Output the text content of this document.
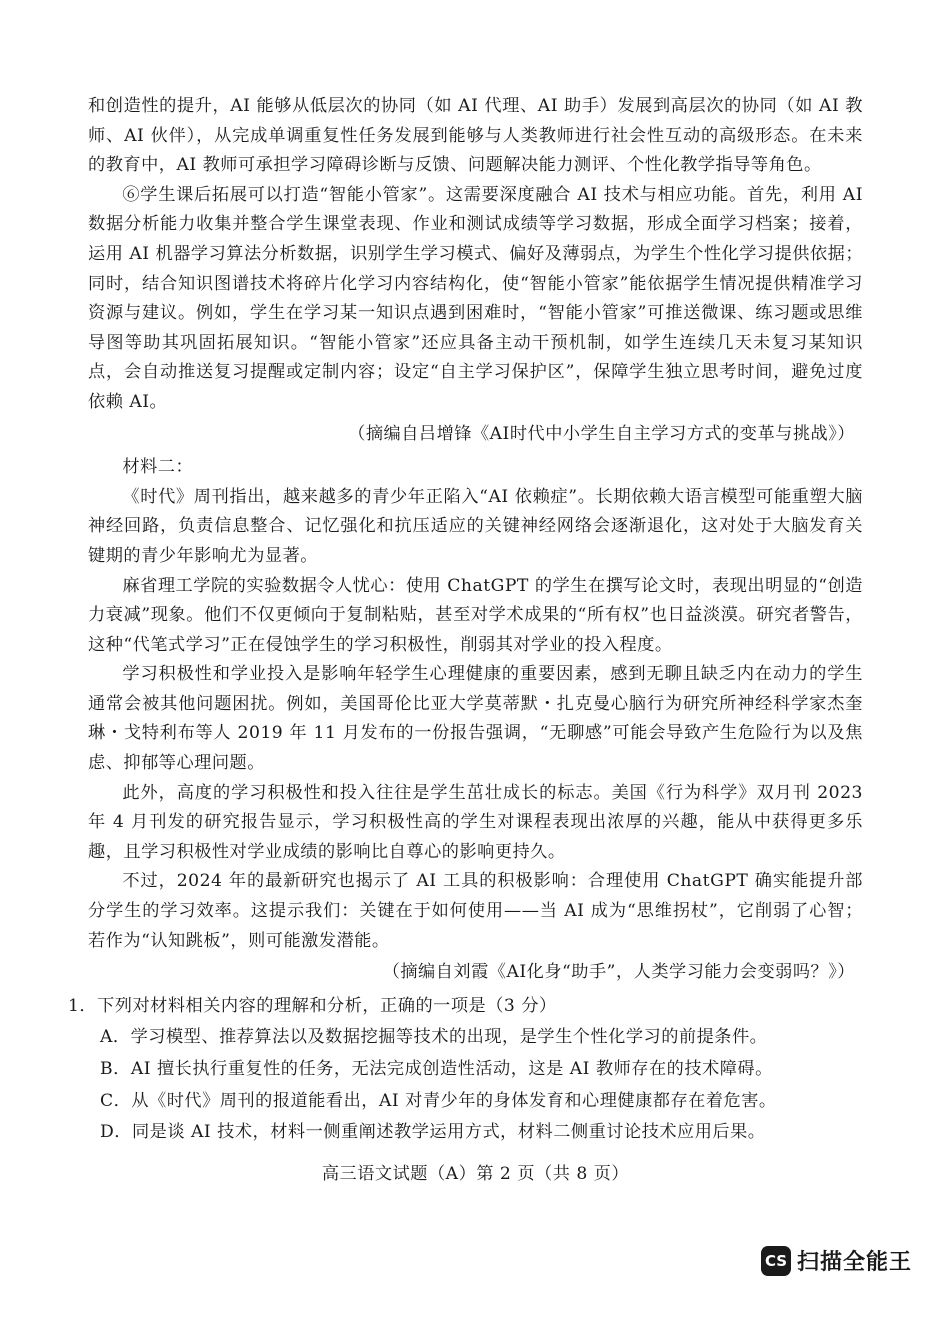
和创造性的提升，AI 能够从低层次的协同（如 AI 代理、AI 助手）发展到高层次的协同（如 AI 教师、AI 伙伴），从完成单调重复性任务发展到能够与人类教师进行社会性互动的高级形态。在未来的教育中，AI 教师可承担学习障碍诊断与反馈、问题解决能力测评、个性化教学指导等角色。

⑥学生课后拓展可以打造“智能小管家”。这需要深度融合 AI 技术与相应功能。首先，利用 AI 数据分析能力收集并整合学生课堂表现、作业和测试成绩等学习数据，形成全面学习档案；接着，运用 AI 机器学习算法分析数据，识别学生学习模式、偏好及薄弱点，为学生个性化学习提供依据；同时，结合知识图谱技术将碎片化学习内容结构化，使“智能小管家”能依据学生情况提供精准学习资源与建议。例如，学生在学习某一知识点遇到困难时，“智能小管家”可推送微课、练习题或思维导图等助其巩固拓展知识。“智能小管家”还应具备主动干预机制，如学生连续几天未复习某知识点，会自动推送复习提醒或定制内容；设定“自主学习保护区”，保障学生独立思考时间，避免过度依赖 AI。

（摘编自吕增锋《AI时代中小学生自主学习方式的变革与挑战》）

材料二：

《时代》周刊指出，越来越多的青少年正陷入“AI 依赖症”。长期依赖大语言模型可能重塑大脑神经回路，负责信息整合、记忆强化和抗压适应的关键神经网络会逐渐退化，这对处于大脑发育关键期的青少年影响尤为显著。

麻省理工学院的实验数据令人忧心：使用 ChatGPT 的学生在撰写论文时，表现出明显的“创造力衰减”现象。他们不仅更倾向于复制粘贴，甚至对学术成果的“所有权”也日益淡漠。研究者警告，这种“代笔式学习”正在侵蚀学生的学习积极性，削弱其对学业的投入程度。

学习积极性和学业投入是影响年轻学生心理健康的重要因素，感到无聊且缺乏内在动力的学生通常会被其他问题困扰。例如，美国哥伦比亚大学莫蒂默・扎克曼心脑行为研究所神经科学家杰奎琳・戈特利布等人 2019 年 11 月发布的一份报告强调，“无聊感”可能会导致产生危险行为以及焦虑、抑郁等心理问题。

此外，高度的学习积极性和投入往往是学生茁壮成长的标志。美国《行为科学》双月刊 2023 年 4 月刊发的研究报告显示，学习积极性高的学生对课程表现出浓厚的兴趣，能从中获得更多乐趣，且学习积极性对学业成绩的影响比自尊心的影响更持久。

不过，2024 年的最新研究也揭示了 AI 工具的积极影响：合理使用 ChatGPT 确实能提升部分学生的学习效率。这提示我们：关键在于如何使用——当 AI 成为“思维拐杖”，它削弱了心智；若作为“认知跳板”，则可能激发潜能。

（摘编自刘霞《AI化身“助手”，人类学习能力会变弱吗？》）

1．下列对材料相关内容的理解和分析，正确的一项是（3 分）

A．学习模型、推荐算法以及数据挖掘等技术的出现，是学生个性化学习的前提条件。

B．AI 擅长执行重复性的任务，无法完成创造性活动，这是 AI 教师存在的技术障碍。

C．从《时代》周刊的报道能看出，AI 对青少年的身体发育和心理健康都存在着危害。

D．同是谈 AI 技术，材料一侧重阐述教学运用方式，材料二侧重讨论技术应用后果。

高三语文试题（A）第 2 页（共 8 页）

CS 扫描全能王
